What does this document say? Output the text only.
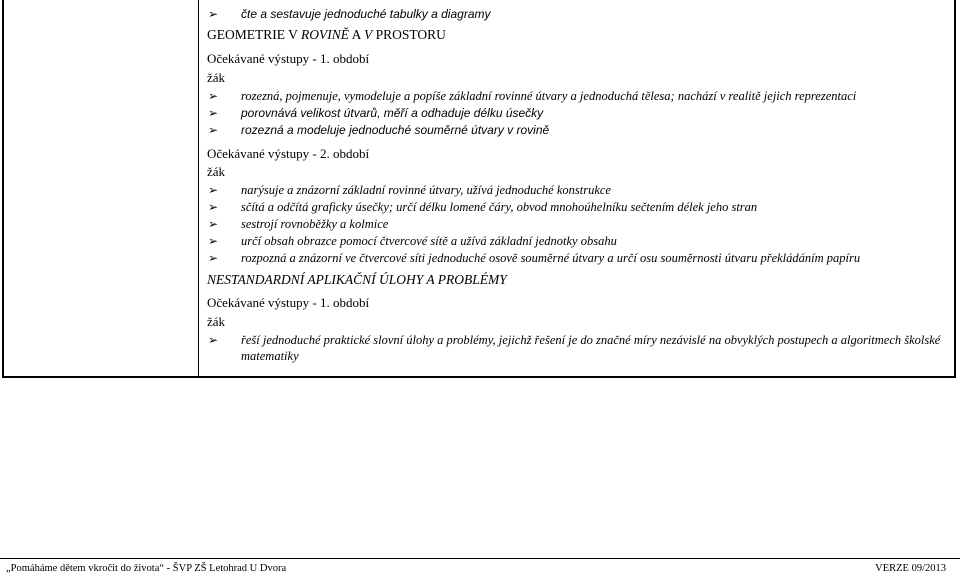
➢ čte a sestavuje jednoduché tabulky a diagramy
GEOMETRIE V ROVINĚ A V PROSTORU
Očekávané výstupy - 1. období
žák
➢ rozezná, pojmenuje, vymodeluje a popíše základní rovinné útvary a jednoduchá tělesa; nachází v realitě jejich reprezentaci
➢ porovnává velikost útvarů, měří a odhaduje délku úsečky
➢ rozezná a modeluje jednoduché souměrné útvary v rovině
Očekávané výstupy - 2. období
žák
➢ narýsuje a znázorní základní rovinné útvary, užívá jednoduché konstrukce
➢ sčítá a odčítá graficky úsečky; určí délku lomené čáry, obvod mnohoúhelníku sečtením délek jeho stran
➢ sestrojí rovnoběžky a kolmice
➢ určí obsah obrazce pomocí čtvercové sítě a užívá základní jednotky obsahu
➢ rozpozná a znázorní ve čtvercové síti jednoduché osově souměrné útvary a určí osu souměrnosti útvaru překládáním papíru
NESTANDARDNÍ APLIKAČNÍ ÚLOHY A PROBLÉMY
Očekávané výstupy - 1. období
žák
➢ řeší jednoduché praktické slovní úlohy a problémy, jejichž řešení je do značné míry nezávislé na obvyklých postupech a algoritmech školské matematiky
„Pomáháme dětem vkročit do života“ - ŠVP ZŠ Letohrad U Dvora	VERZE 09/2013
